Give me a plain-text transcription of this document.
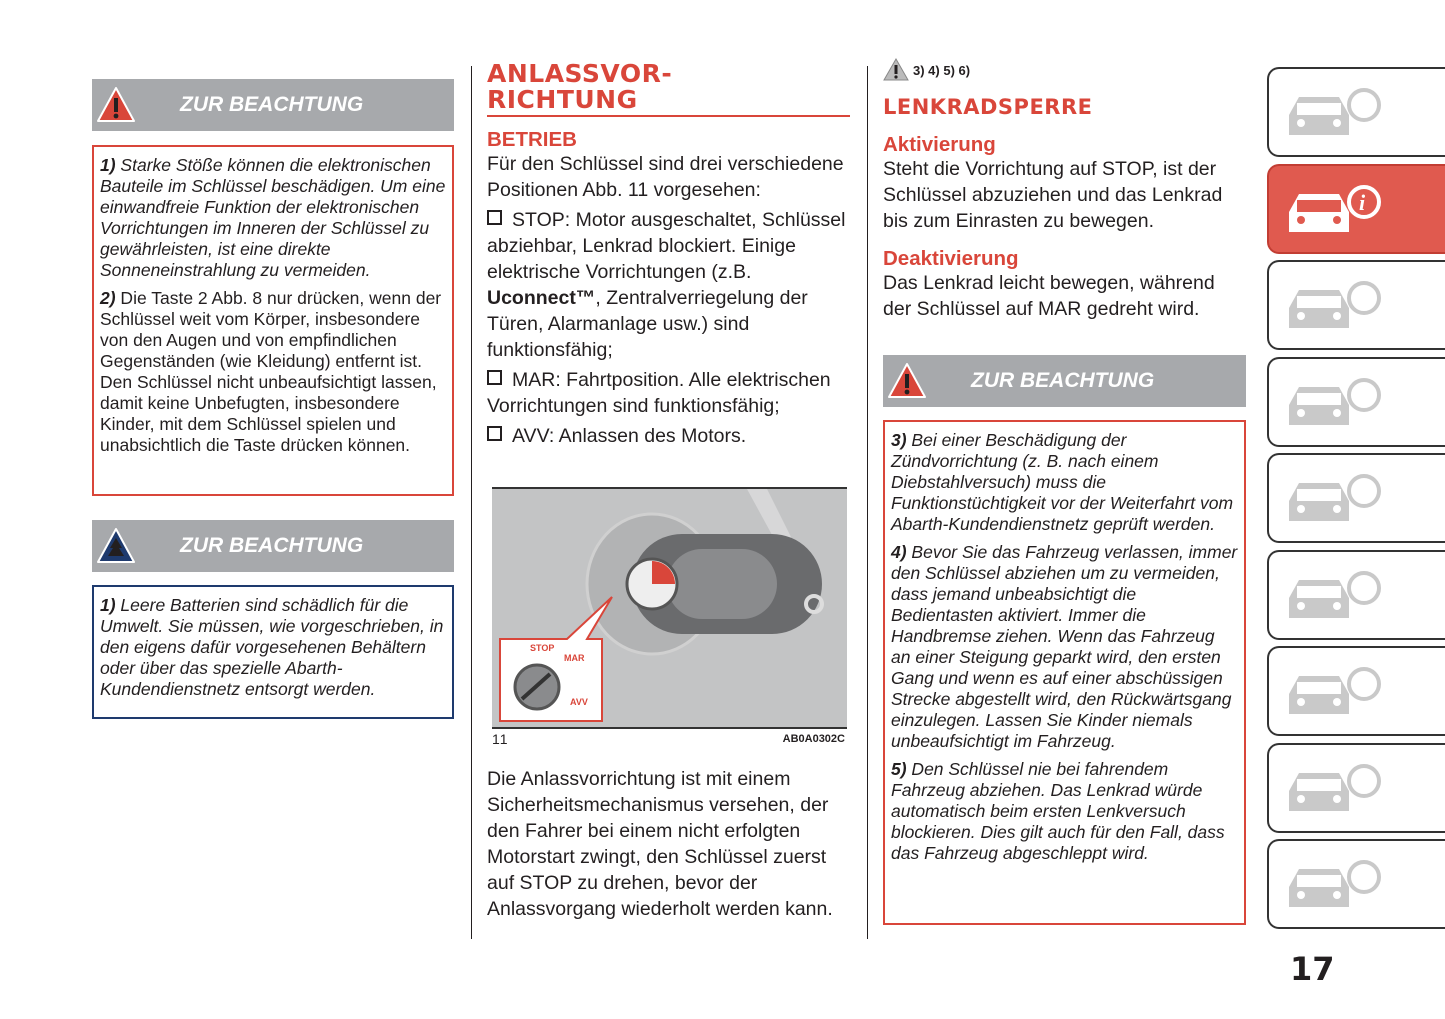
ZUR BEACHTUNG

1) Starke Stöße können die elektronischen Bauteile im Schlüssel beschädigen. Um eine einwandfreie Funktion der elektronischen Vorrichtungen im Inneren der Schlüssel zu gewährleisten, ist eine direkte Sonneneinstrahlung zu vermeiden.

2) Die Taste 2 Abb. 8 nur drücken, wenn der Schlüssel weit vom Körper, insbesondere von den Augen und von empfindlichen Gegenständen (wie Kleidung) entfernt ist. Den Schlüssel nicht unbeaufsichtigt lassen, damit keine Unbefugten, insbesondere Kinder, mit dem Schlüssel spielen und unabsichtlich die Taste drücken können.

ZUR BEACHTUNG

1) Leere Batterien sind schädlich für die Umwelt. Sie müssen, wie vorgeschrieben, in den eigens dafür vorgesehenen Behältern oder über das spezielle Abarth-Kundendienstnetz entsorgt werden.

ANLASSVOR-
RICHTUNG
BETRIEB

Für den Schlüssel sind drei verschiedene Positionen Abb. 11 vorgesehen:

STOP: Motor ausgeschaltet, Schlüssel abziehbar, Lenkrad blockiert. Einige elektrische Vorrichtungen (z.B. Uconnect™, Zentralverriegelung der Türen, Alarmanlage usw.) sind funktionsfähig;

MAR: Fahrtposition. Alle elektrischen Vorrichtungen sind funktionsfähig;

AVV: Anlassen des Motors.

STOP
MAR
AVV
11	AB0A0302C
Die Anlassvorrichtung ist mit einem Sicherheitsmechanismus versehen, der den Fahrer bei einem nicht erfolgten Motorstart zwingt, den Schlüssel zuerst auf STOP zu drehen, bevor der Anlassvorgang wiederholt werden kann.
3) 4) 5) 6)
LENKRADSPERRE
Aktivierung
Steht die Vorrichtung auf STOP, ist der Schlüssel abzuziehen und das Lenkrad bis zum Einrasten zu bewegen.
Deaktivierung
Das Lenkrad leicht bewegen, während der Schlüssel auf MAR gedreht wird.
ZUR BEACHTUNG

3) Bei einer Beschädigung der Zündvorrichtung (z. B. nach einem Diebstahlversuch) muss die Funktionstüchtigkeit vor der Weiterfahrt vom Abarth-Kundendienstnetz geprüft werden.

4) Bevor Sie das Fahrzeug verlassen, immer den Schlüssel abziehen um zu vermeiden, dass jemand unbeabsichtigt die Bedientasten aktiviert. Immer die Handbremse ziehen. Wenn das Fahrzeug an einer Steigung geparkt wird, den ersten Gang und wenn es auf einer abschüssigen Strecke abgestellt wird, den Rückwärtsgang einzulegen. Lassen Sie Kinder niemals unbeaufsichtigt im Fahrzeug.

5) Den Schlüssel nie bei fahrendem Fahrzeug abziehen. Das Lenkrad würde automatisch beim ersten Lenkversuch blockieren. Dies gilt auch für den Fall, dass das Fahrzeug abgeschleppt wird.

i
17
